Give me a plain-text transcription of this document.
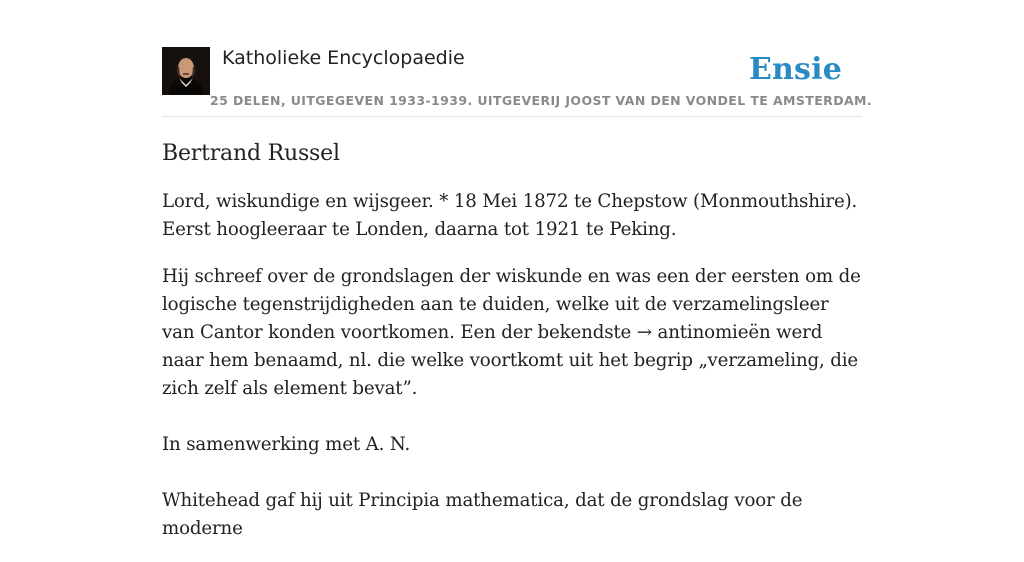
Katholieke Encyclopaedie
25 DELEN, UITGEGEVEN 1933-1939. UITGEVERIJ JOOST VAN DEN VONDEL TE AMSTERDAM.
Ensie
Bertrand Russel

Lord, wiskundige en wijsgeer. * 18 Mei 1872 te Chepstow (Monmouthshire). Eerst hoogleeraar te Londen, daarna tot 1921 te Peking.

Hij schreef over de grondslagen der wiskunde en was een der eersten om de logische tegenstrijdigheden aan te duiden, welke uit de verzamelingsleer van Cantor konden voortkomen. Een der bekendste → antinomieën werd naar hem benaamd, nl. die welke voortkomt uit het begrip „verzameling, die zich zelf als element bevat”.

In samenwerking met A. N.

Whitehead gaf hij uit Principia mathematica, dat de grondslag voor de moderne
